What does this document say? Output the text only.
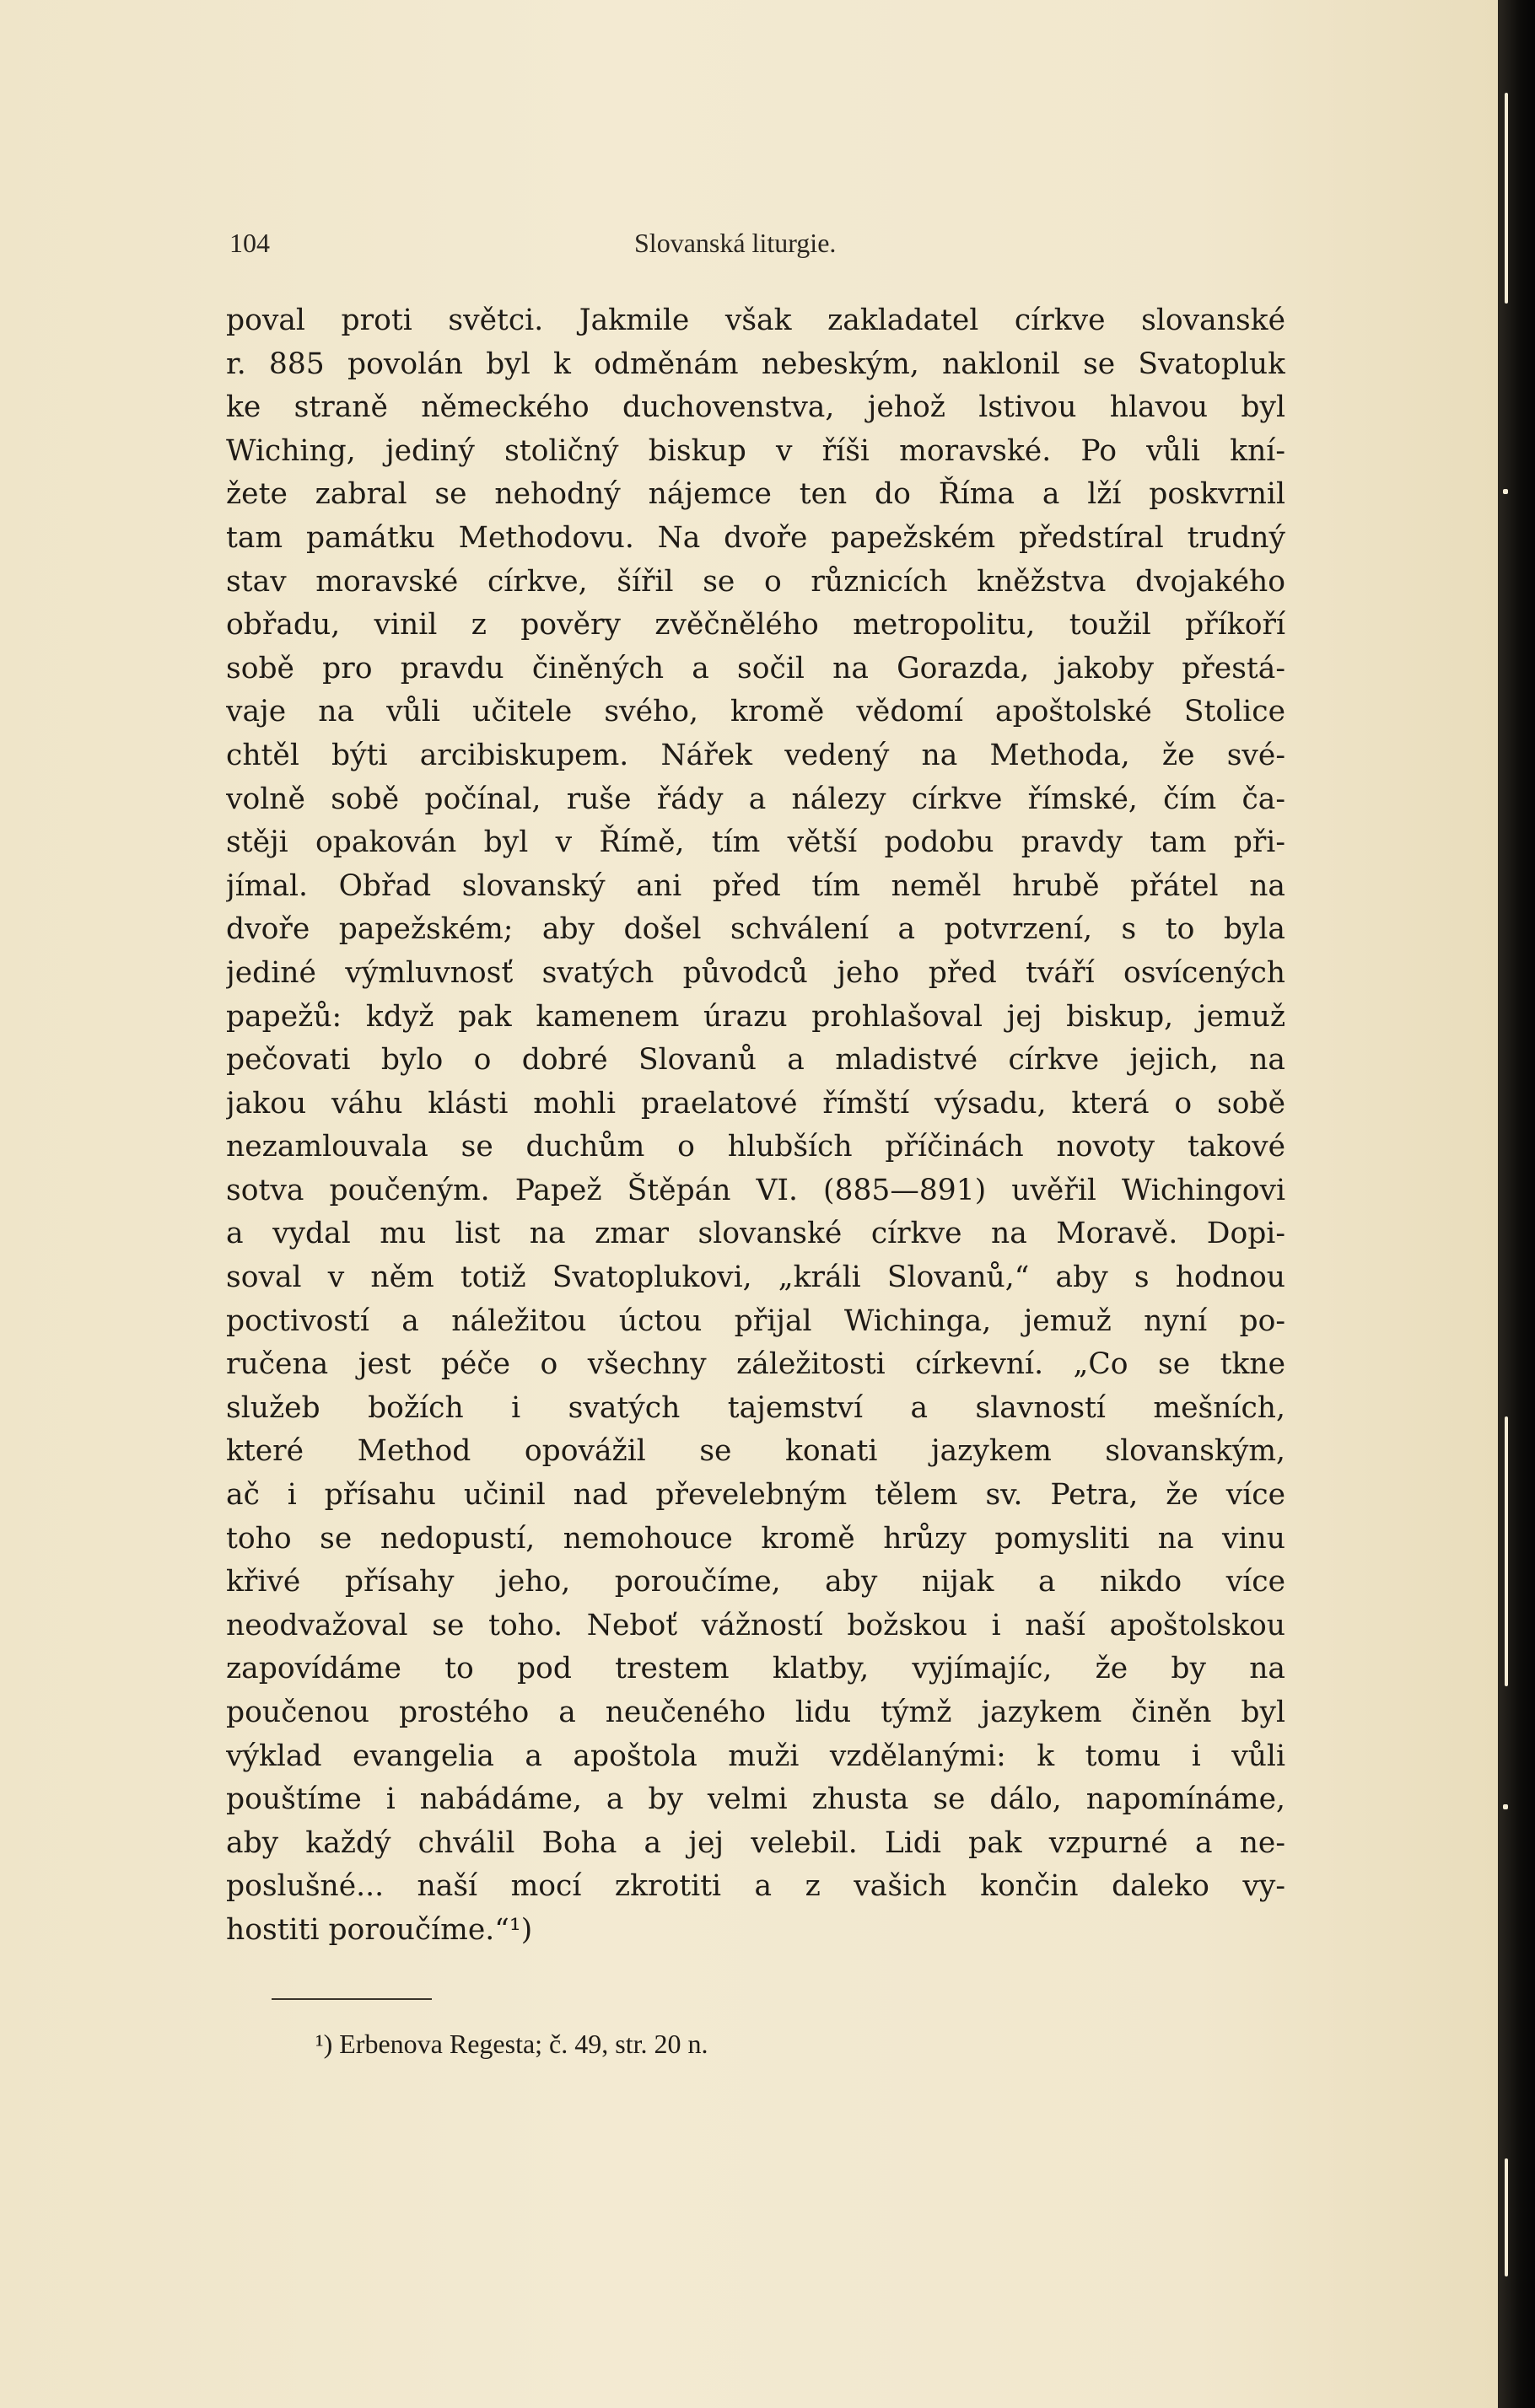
104	Slovanská liturgie.
poval proti světci. Jakmile však zakladatel církve slovanské
r. 885 povolán byl k odměnám nebeským, naklonil se Svatopluk
ke straně německého duchovenstva, jehož lstivou hlavou byl
Wiching, jediný stoličný biskup v říši moravské. Po vůli kní-
žete zabral se nehodný nájemce ten do Říma a lží poskvrnil
tam památku Methodovu. Na dvoře papežském předstíral trudný
stav moravské církve, šířil se o různicích kněžstva dvojakého
obřadu, vinil z pověry zvěčnělého metropolitu, toužil příkoří
sobě pro pravdu činěných a sočil na Gorazda, jakoby přestá-
vaje na vůli učitele svého, kromě vědomí apoštolské Stolice
chtěl býti arcibiskupem. Nářek vedený na Methoda, že své-
volně sobě počínal, ruše řády a nálezy církve římské, čím ča-
stěji opakován byl v Římě, tím větší podobu pravdy tam při-
jímal. Obřad slovanský ani před tím neměl hrubě přátel na
dvoře papežském; aby došel schválení a potvrzení, s to byla
jediné výmluvnosť svatých původců jeho před tváří osvícených
papežů: když pak kamenem úrazu prohlašoval jej biskup, jemuž
pečovati bylo o dobré Slovanů a mladistvé církve jejich, na
jakou váhu klásti mohli praelatové římští výsadu, která o sobě
nezamlouvala se duchům o hlubších příčinách novoty takové
sotva poučeným. Papež Štěpán VI. (885—891) uvěřil Wichingovi
a vydal mu list na zmar slovanské církve na Moravě. Dopi-
soval v něm totiž Svatoplukovi, „králi Slovanů,“ aby s hodnou
poctivostí a náležitou úctou přijal Wichinga, jemuž nyní po-
ručena jest péče o všechny záležitosti církevní. „Co se tkne
služeb božích i svatých tajemství a slavností mešních,
které Method opovážil se konati jazykem slovanským,
ač i přísahu učinil nad převelebným tělem sv. Petra, že více
toho se nedopustí, nemohouce kromě hrůzy pomysliti na vinu
křivé přísahy jeho, poroučíme, aby nijak a nikdo více
neodvažoval se toho. Neboť vážností božskou i naší apoštolskou
zapovídáme to pod trestem klatby, vyjímajíc, že by na
poučenou prostého a neučeného lidu týmž jazykem činěn byl
výklad evangelia a apoštola muži vzdělanými: k tomu i vůli
pouštíme i nabádáme, a by velmi zhusta se dálo, napomínáme,
aby každý chválil Boha a jej velebil. Lidi pak vzpurné a ne-
poslušné... naší mocí zkrotiti a z vašich končin daleko vy-
hostiti poroučíme.“¹)
¹) Erbenova Regesta; č. 49, str. 20 n.
